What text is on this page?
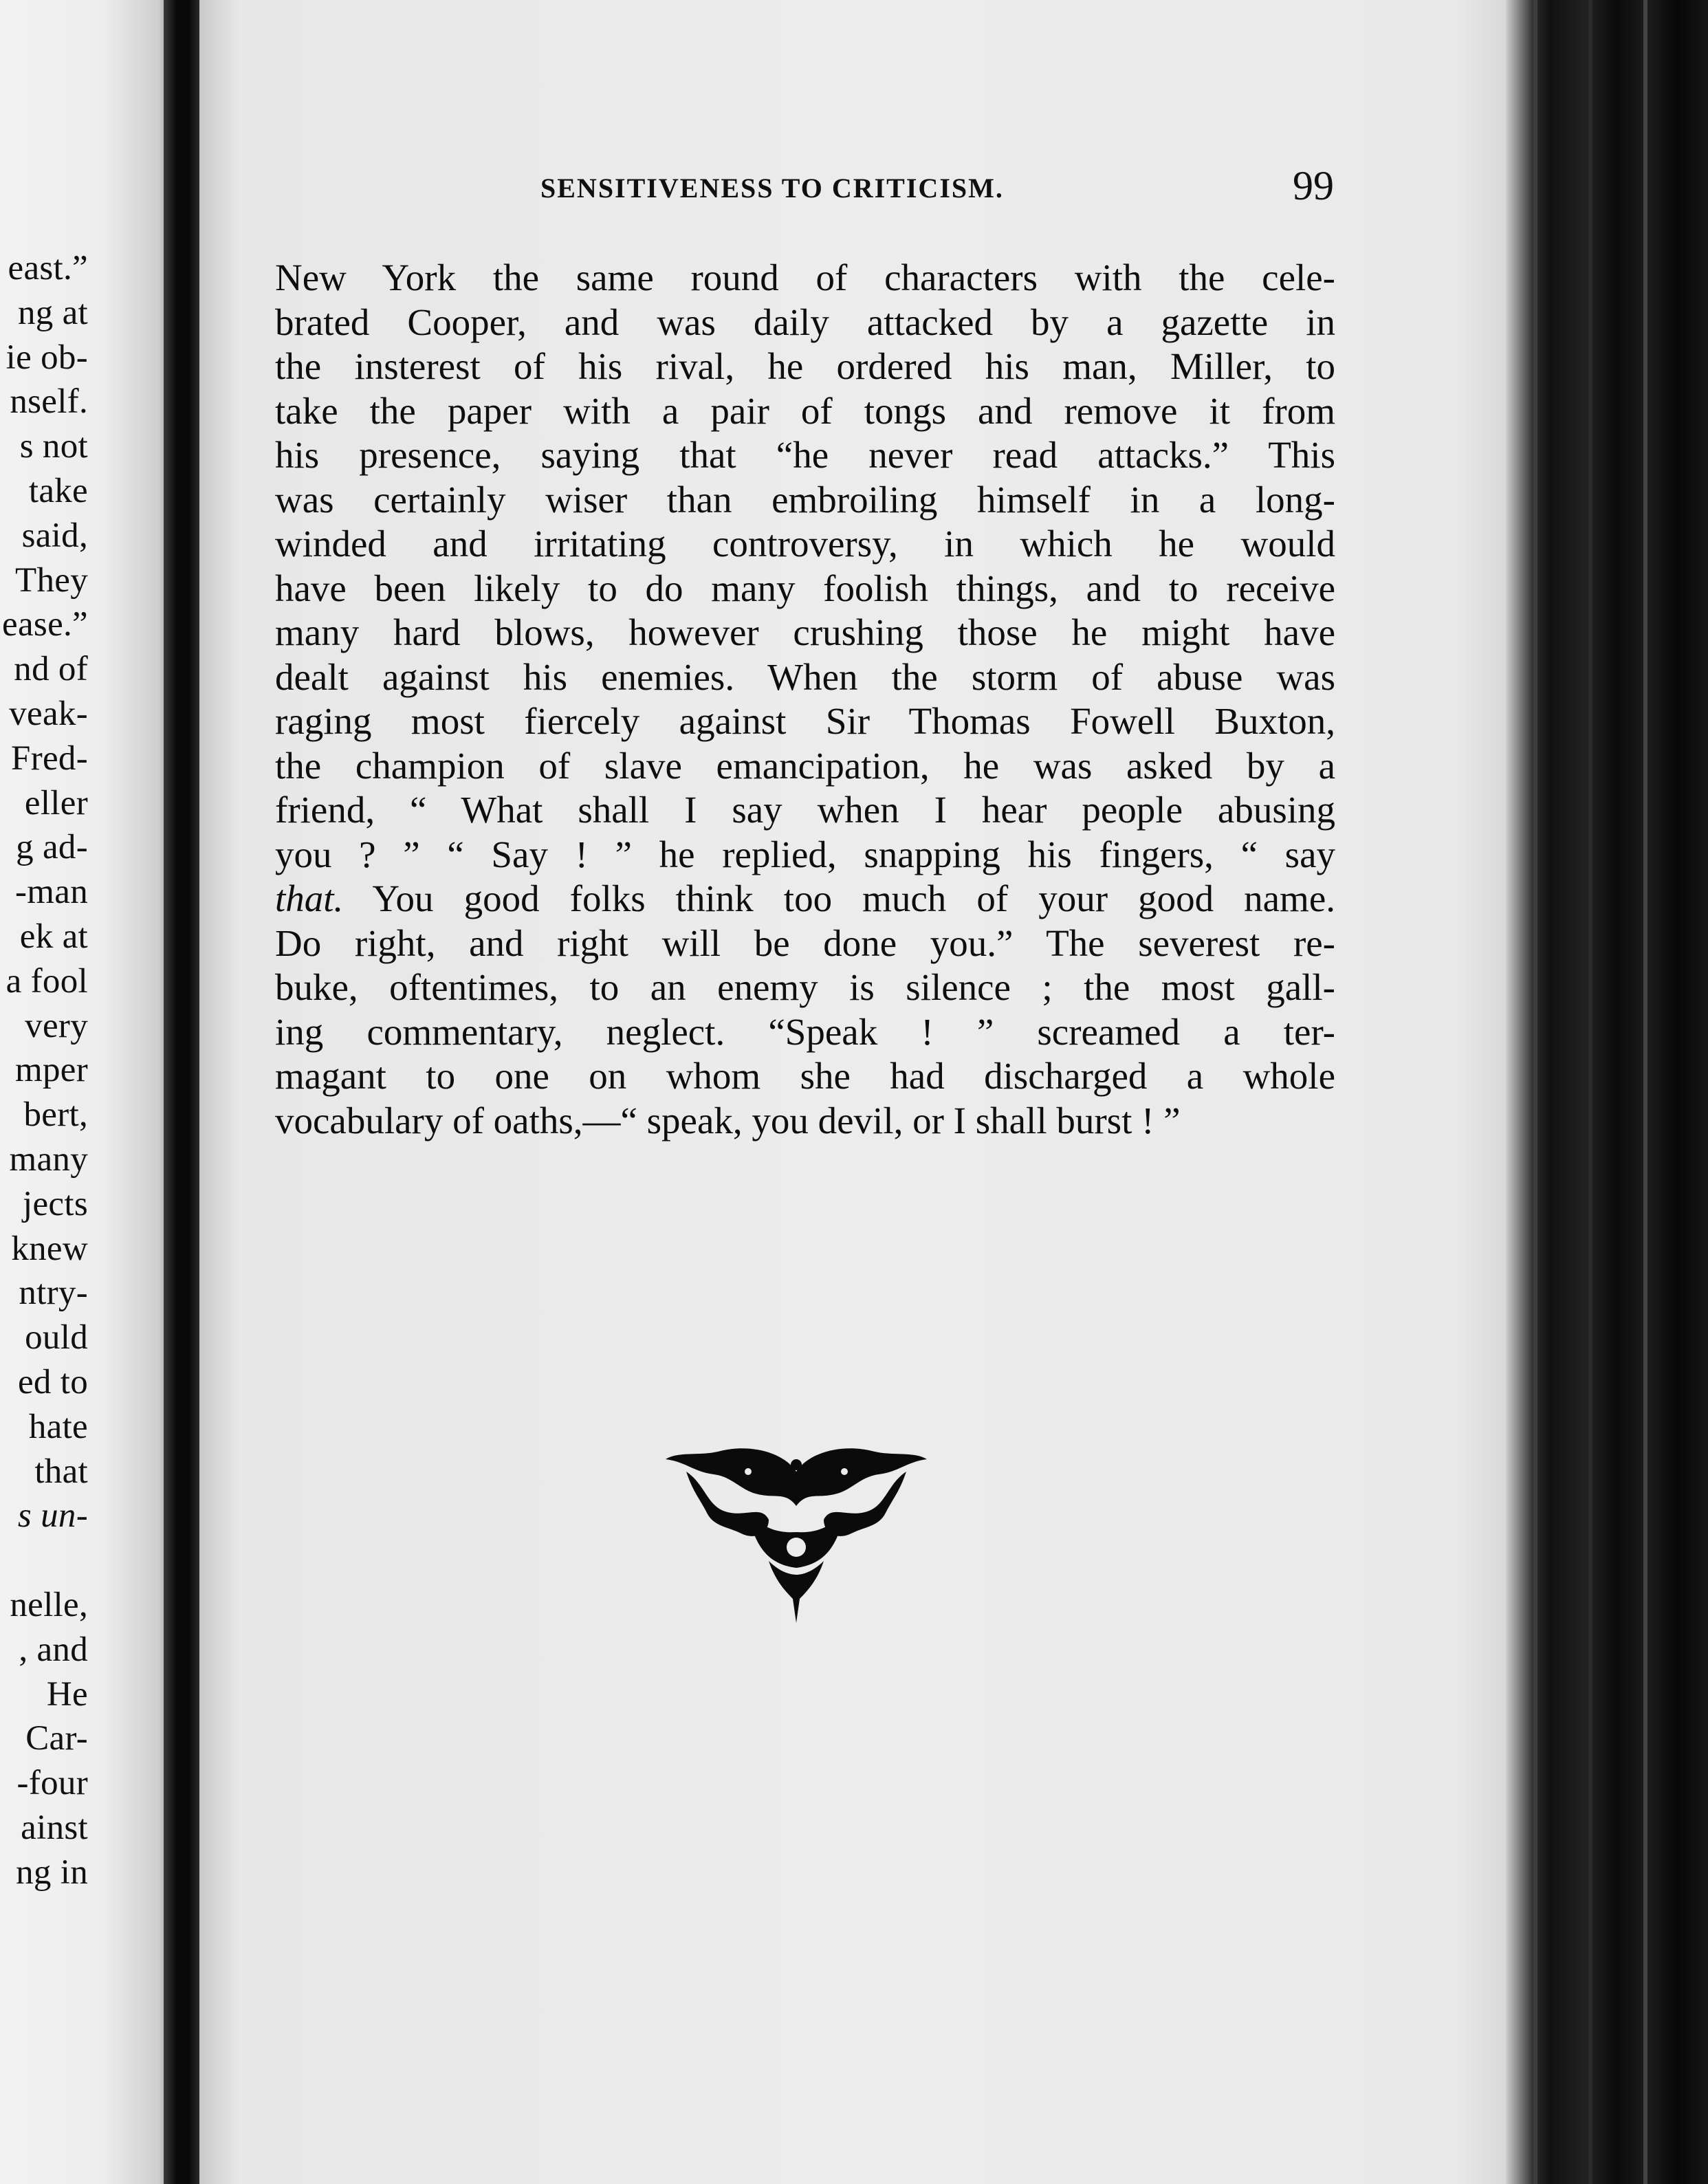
east.”
ng at
ie ob-
nself.
s not
take
said,
They
ease.”
nd of
veak-
Fred-
eller
g ad-
-man
ek at
a fool
very
mper
bert,
many
jects
knew
ntry-
ould
ed to
hate
that
s un-
nelle,
, and
He
Car-
-four
ainst
ng in
SENSITIVENESS TO CRITICISM.	99
New York the same round of characters with the cele-
brated Cooper, and was daily attacked by a gazette in
the insterest of his rival, he ordered his man, Miller, to
take the paper with a pair of tongs and remove it from
his presence, saying that “he never read attacks.” This
was certainly wiser than embroiling himself in a long-
winded and irritating controversy, in which he would
have been likely to do many foolish things, and to receive
many hard blows, however crushing those he might have
dealt against his enemies. When the storm of abuse was
raging most fiercely against Sir Thomas Fowell Buxton,
the champion of slave emancipation, he was asked by a
friend, “ What shall I say when I hear people abusing
you ? ” “ Say ! ” he replied, snapping his fingers, “ say
that. You good folks think too much of your good name.
Do right, and right will be done you.” The severest re-
buke, oftentimes, to an enemy is silence ; the most gall-
ing commentary, neglect. “Speak ! ” screamed a ter-
magant to one on whom she had discharged a whole
vocabulary of oaths,—“ speak, you devil, or I shall burst ! ”
